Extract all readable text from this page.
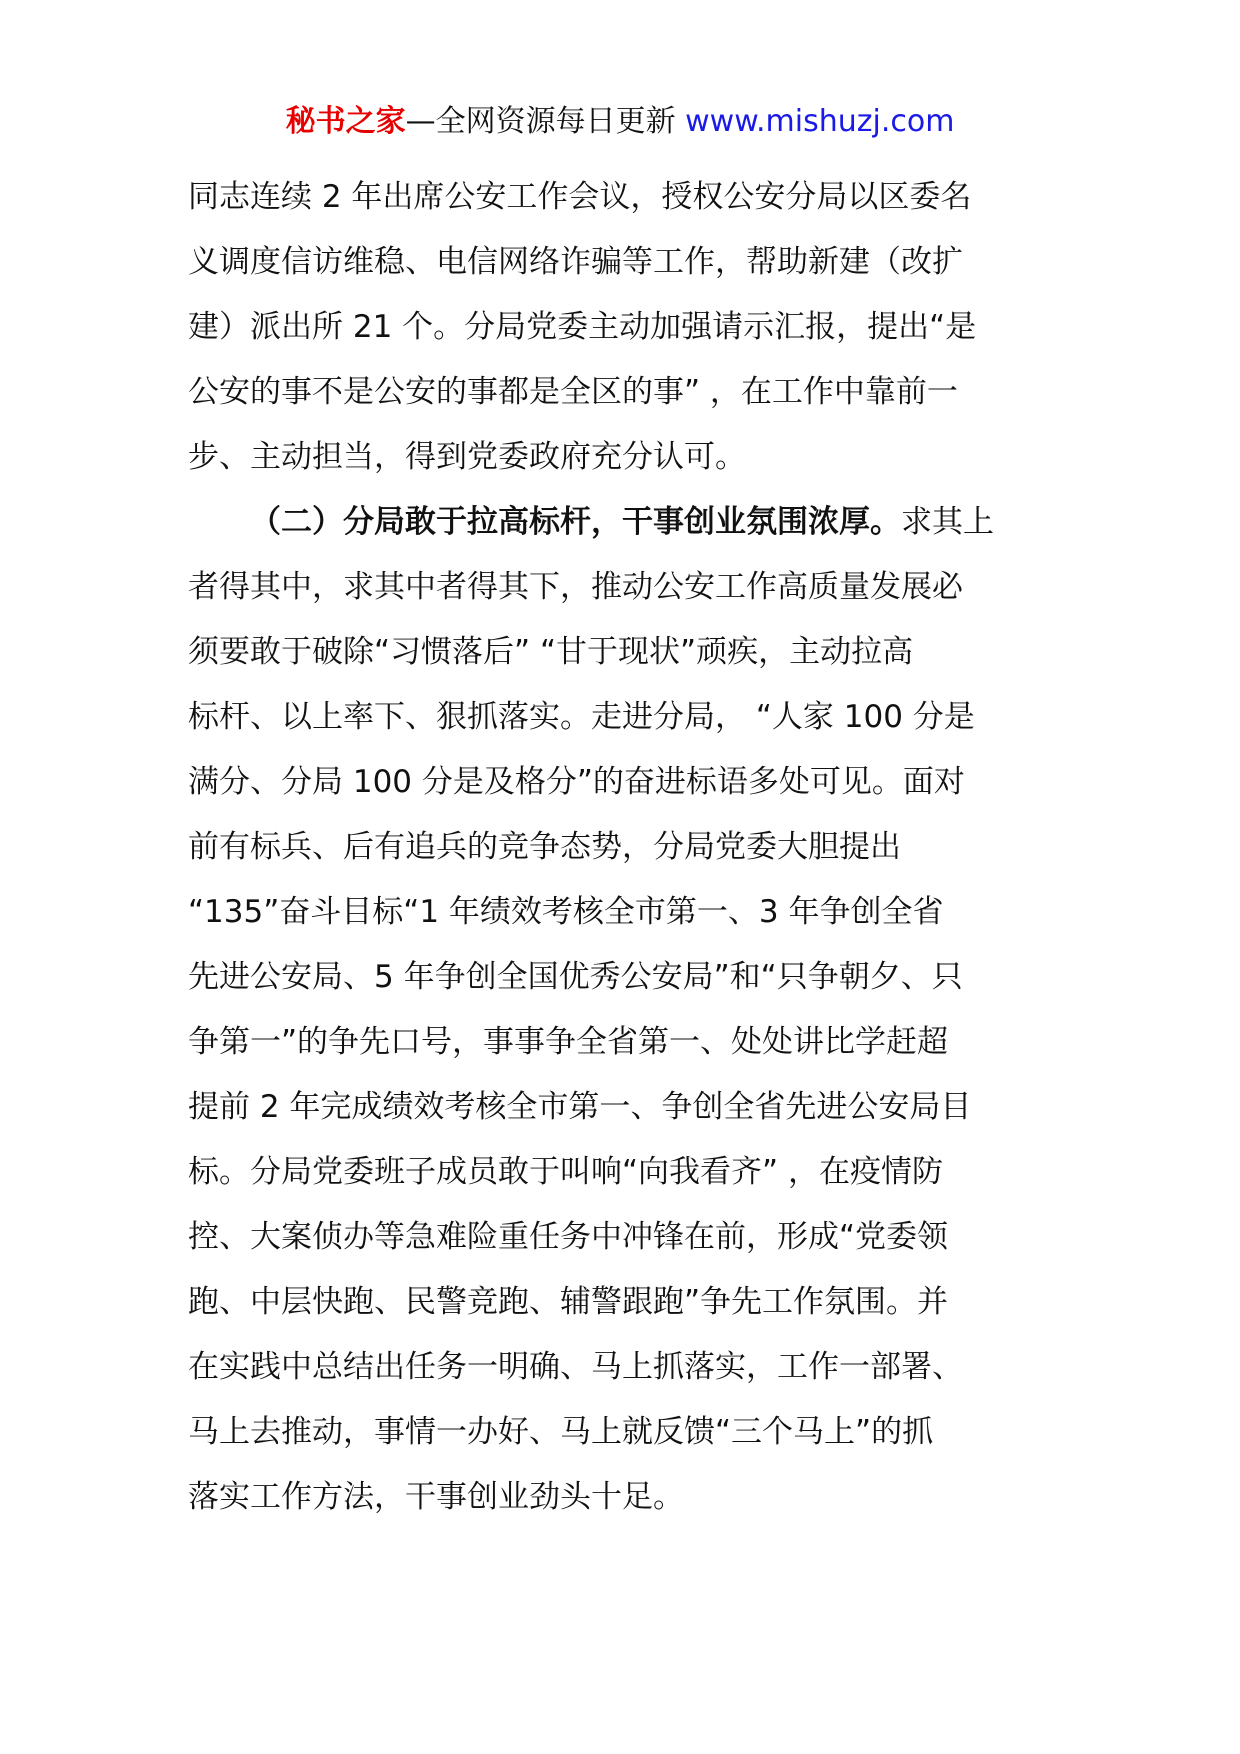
秘书之家—全网资源每日更新 www.mishuzj.com
同志连续 2 年出席公安工作会议，授权公安分局以区委名
义调度信访维稳、电信网络诈骗等工作，帮助新建（改扩
建）派出所 21 个。分局党委主动加强请示汇报，提出“是
公安的事不是公安的事都是全区的事” ，在工作中靠前一
步、主动担当，得到党委政府充分认可。
（二）分局敢于拉高标杆，干事创业氛围浓厚。求其上
者得其中，求其中者得其下，推动公安工作高质量发展必
须要敢于破除“习惯落后” “甘于现状”顽疾，主动拉高
标杆、以上率下、狠抓落实。走进分局， “人家 100 分是
满分、分局 100 分是及格分”的奋进标语多处可见。面对
前有标兵、后有追兵的竞争态势，分局党委大胆提出
“135”奋斗目标“1 年绩效考核全市第一、3 年争创全省
先进公安局、5 年争创全国优秀公安局”和“只争朝夕、只
争第一”的争先口号，事事争全省第一、处处讲比学赶超
提前 2 年完成绩效考核全市第一、争创全省先进公安局目
标。分局党委班子成员敢于叫响“向我看齐” ，在疫情防
控、大案侦办等急难险重任务中冲锋在前，形成“党委领
跑、中层快跑、民警竞跑、辅警跟跑”争先工作氛围。并
在实践中总结出任务一明确、马上抓落实，工作一部署、
马上去推动，事情一办好、马上就反馈“三个马上”的抓
落实工作方法，干事创业劲头十足。
